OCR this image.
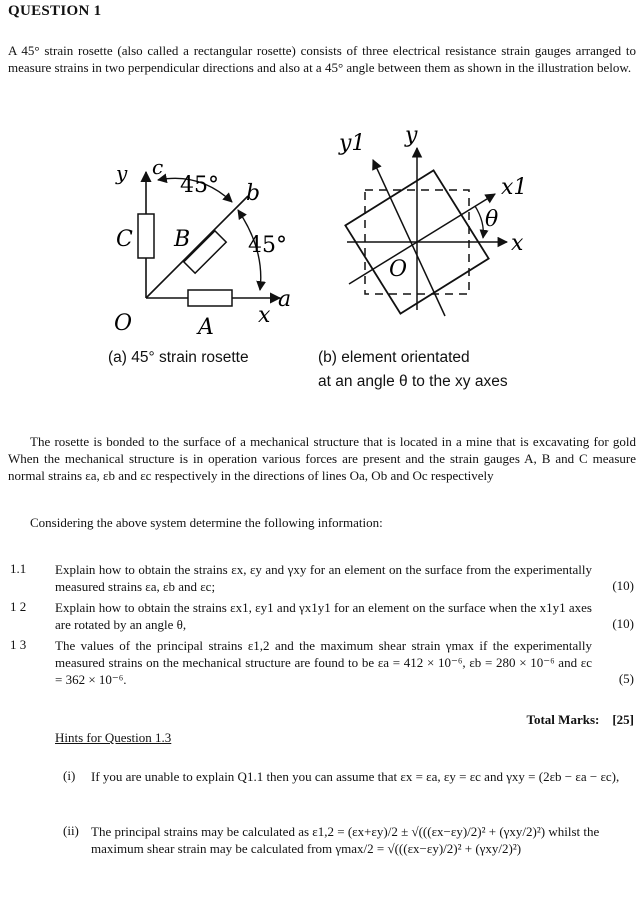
QUESTION 1
A 45° strain rosette (also called a rectangular rosette) consists of three electrical resistance strain gauges arranged to measure strains in two perpendicular directions and also at a 45° angle between them as shown in the illustration below.
y c
45° b
C B	45°
O	A x
a
(a) 45° strain rosette
y1 y
x1
θ
x
O
(b) element orientated
at an angle θ to the xy axes
The rosette is bonded to the surface of a mechanical structure that is located in a mine that is excavating for gold When the mechanical structure is in operation various forces are present and the strain gauges A, B and C measure normal strains εa, εb and εc respectively in the directions of lines Oa, Ob and Oc respectively
Considering the above system determine the following information:
1.1 Explain how to obtain the strains εx, εy and γxy for an element on the surface from the experimentally measured strains εa, εb and εc;	(10)
1 2 Explain how to obtain the strains εx1, εy1 and γx1y1 for an element on the surface when the x1y1 axes are rotated by an angle θ,	(10)
1 3 The values of the principal strains ε1,2 and the maximum shear strain γmax if the experimentally measured strains on the mechanical structure are found to be εa = 412 × 10⁻⁶, εb = 280 × 10⁻⁶ and εc = 362 × 10⁻⁶.	(5)
Total Marks: [25]
Hints for Question 1.3
(i) If you are unable to explain Q1.1 then you can assume that εx = εa, εy = εc and γxy = (2εb − εa − εc),
(ii) The principal strains may be calculated as ε1,2 = (εx+εy)/2 ± √(((εx−εy)/2)² + (γxy/2)²) whilst the maximum shear strain may be calculated from γmax/2 = √(((εx−εy)/2)² + (γxy/2)²)
